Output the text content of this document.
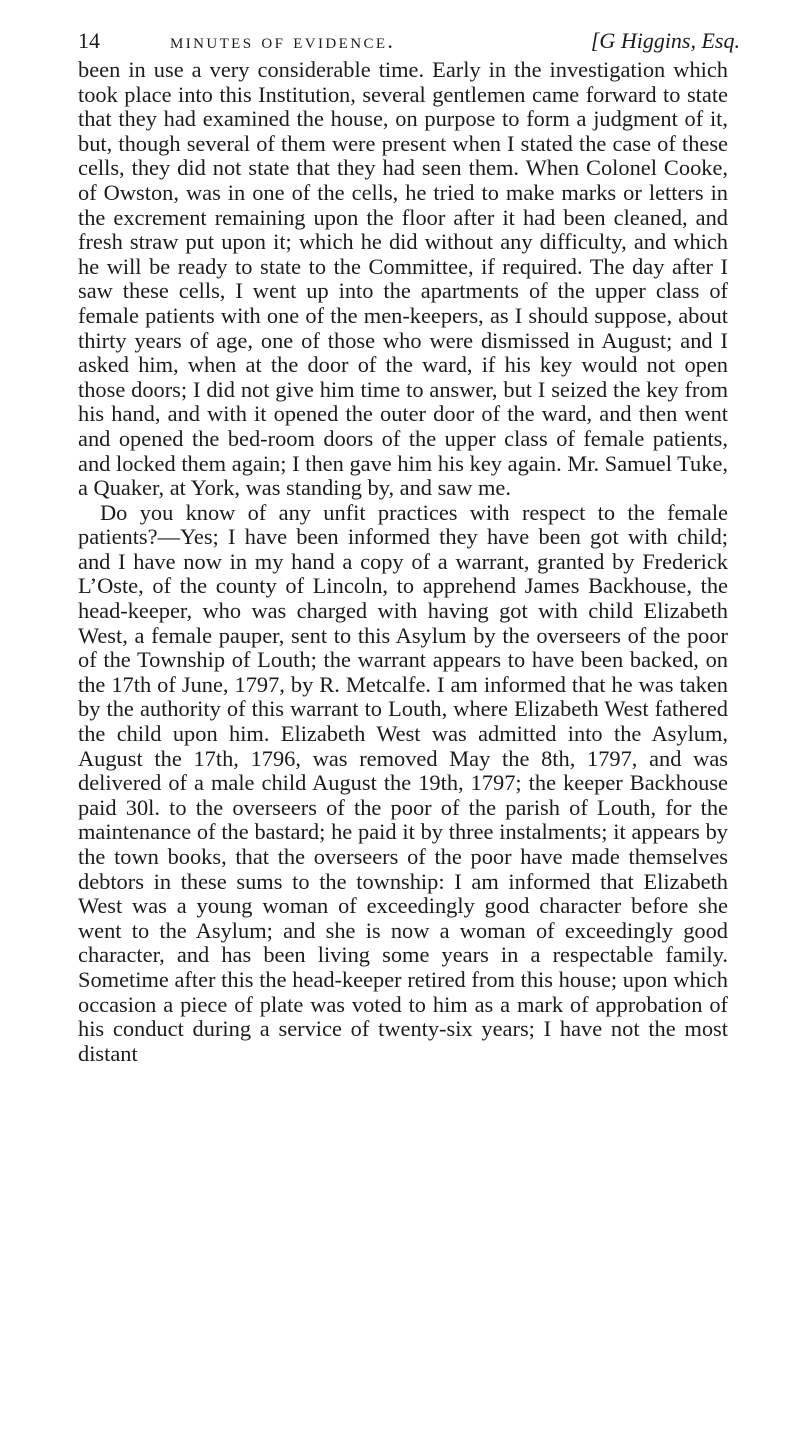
14	minutes of evidence.	[G Higgins, Esq.

been in use a very considerable time. Early in the investigation which took place into this Institution, several gentlemen came forward to state that they had examined the house, on purpose to form a judgment of it, but, though several of them were present when I stated the case of these cells, they did not state that they had seen them. When Colonel Cooke, of Owston, was in one of the cells, he tried to make marks or letters in the excrement remaining upon the floor after it had been cleaned, and fresh straw put upon it; which he did without any difficulty, and which he will be ready to state to the Committee, if required. The day after I saw these cells, I went up into the apartments of the upper class of female patients with one of the men-keepers, as I should suppose, about thirty years of age, one of those who were dismissed in August; and I asked him, when at the door of the ward, if his key would not open those doors; I did not give him time to answer, but I seized the key from his hand, and with it opened the outer door of the ward, and then went and opened the bed-room doors of the upper class of female patients, and locked them again; I then gave him his key again. Mr. Samuel Tuke, a Quaker, at York, was standing by, and saw me.

Do you know of any unfit practices with respect to the female patients?—Yes; I have been informed they have been got with child; and I have now in my hand a copy of a warrant, granted by Frederick L’Oste, of the county of Lincoln, to apprehend James Backhouse, the head-keeper, who was charged with having got with child Elizabeth West, a female pauper, sent to this Asylum by the overseers of the poor of the Township of Louth; the warrant appears to have been backed, on the 17th of June, 1797, by R. Metcalfe. I am informed that he was taken by the authority of this warrant to Louth, where Elizabeth West fathered the child upon him. Elizabeth West was admitted into the Asylum, August the 17th, 1796, was removed May the 8th, 1797, and was delivered of a male child August the 19th, 1797; the keeper Backhouse paid 30l. to the overseers of the poor of the parish of Louth, for the maintenance of the bastard; he paid it by three instalments; it appears by the town books, that the overseers of the poor have made themselves debtors in these sums to the township: I am informed that Elizabeth West was a young woman of exceedingly good character before she went to the Asylum; and she is now a woman of exceedingly good character, and has been living some years in a respectable family. Sometime after this the head-keeper retired from this house; upon which occasion a piece of plate was voted to him as a mark of approbation of his conduct during a service of twenty-six years; I have not the most distant
